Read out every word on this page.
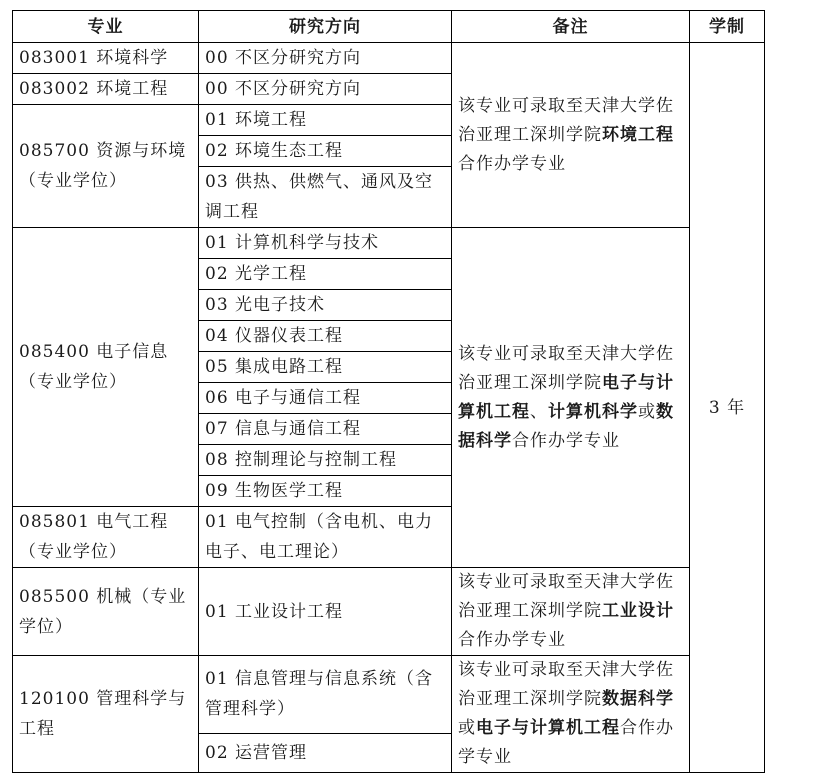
专业	研究方向	备注	学制
083001 环境科学	00 不区分研究方向	该专业可录取至天津大学佐治亚理工深圳学院环境工程合作办学专业	3 年
083002 环境工程	00 不区分研究方向		
085700 资源与环境（专业学位）	01 环境工程		
	02 环境生态工程		
	03 供热、供燃气、通风及空调工程		
085400 电子信息（专业学位）	01 计算机科学与技术	该专业可录取至天津大学佐治亚理工深圳学院电子与计算机工程、计算机科学或数据科学合作办学专业	
	02 光学工程		
	03 光电子技术		
	04 仪器仪表工程		
	05 集成电路工程		
	06 电子与通信工程		
	07 信息与通信工程		
	08 控制理论与控制工程		
	09 生物医学工程		
085801 电气工程（专业学位）	01 电气控制（含电机、电力电子、电工理论）		
085500 机械（专业学位）	01 工业设计工程	该专业可录取至天津大学佐治亚理工深圳学院工业设计合作办学专业	
120100 管理科学与工程	01 信息管理与信息系统（含管理科学）	该专业可录取至天津大学佐治亚理工深圳学院数据科学或电子与计算机工程合作办学专业	
	02 运营管理		
